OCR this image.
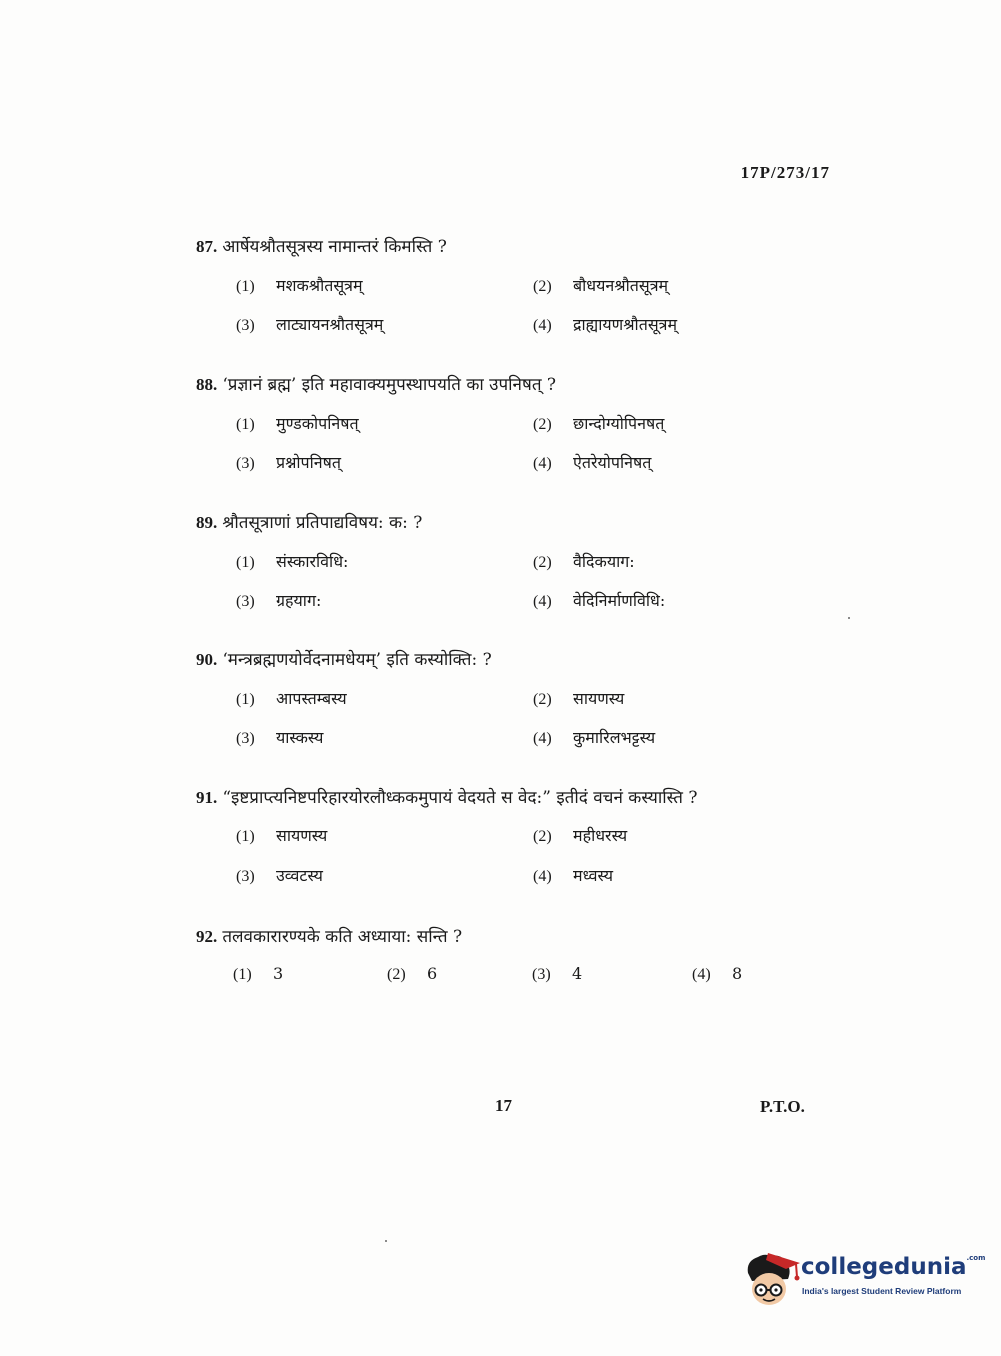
17P/273/17
87. आर्षेयश्रौतसूत्रस्य नामान्तरं किमस्ति ?
(1) मशकश्रौतसूत्रम्	(2) बौधयनश्रौतसूत्रम्
(3) लाट्यायनश्रौतसूत्रम्	(4) द्राह्यायणश्रौतसूत्रम्
88. ‘प्रज्ञानं ब्रह्म’ इति महावाक्यमुपस्थापयति का उपनिषत् ?
(1) मुण्डकोपनिषत्	(2) छान्दोग्योपिनषत्
(3) प्रश्नोपनिषत्	(4) ऐतरेयोपनिषत्
89. श्रौतसूत्राणां प्रतिपाद्यविषय: क: ?
(1) संस्कारविधि:	(2) वैदिकयाग:
(3) ग्रहयाग:	(4) वेदिनिर्माणविधि:
90. ‘मन्त्रब्रह्मणयोर्वेदनामधेयम्’ इति कस्योक्ति: ?
(1) आपस्तम्बस्य	(2) सायणस्य
(3) यास्कस्य	(4) कुमारिलभट्टस्य
91. “इष्टप्राप्त्यनिष्टपरिहारयोरलौध्ककमुपायं वेदयते स वेद:” इतीदं वचनं कस्यास्ति ?
(1) सायणस्य	(2) महीधरस्य
(3) उव्वटस्य	(4) मध्वस्य
92. तलवकारारण्यके कति अध्याया: सन्ति ?
(1) 3	(2) 6	(3) 4	(4) 8
17	P.T.O.
collegedunia$^{.com}$
India's largest Student Review Platform
